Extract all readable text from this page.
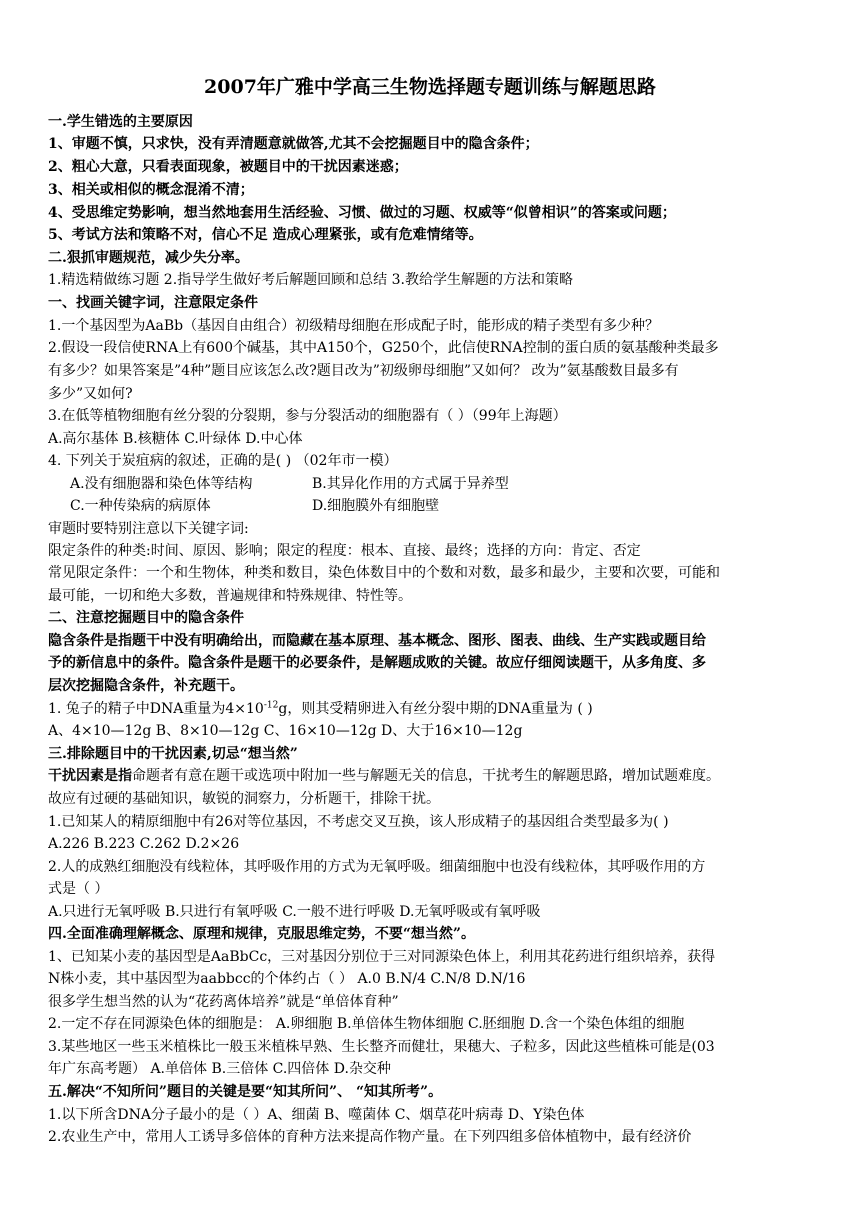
2007年广雅中学高三生物选择题专题训练与解题思路
一.学生错选的主要原因
1、审题不慎，只求快，没有弄清题意就做答,尤其不会挖掘题目中的隐含条件；
2、粗心大意，只看表面现象，被题目中的干扰因素迷惑；
3、相关或相似的概念混淆不清；
4、受思维定势影响，想当然地套用生活经验、习惯、做过的习题、权威等“似曾相识”的答案或问题；
5、考试方法和策略不对，信心不足 造成心理紧张，或有危难情绪等。
二.狠抓审题规范，减少失分率。
1.精选精做练习题 2.指导学生做好考后解题回顾和总结 3.教给学生解题的方法和策略
一、找画关键字词，注意限定条件
1.一个基因型为AaBb（基因自由组合）初级精母细胞在形成配子时，能形成的精子类型有多少种？
2.假设一段信使RNA上有600个碱基，其中A150个，G250个，此信使RNA控制的蛋白质的氨基酸种类最多
有多少？如果答案是”4种”题目应该怎么改?题目改为”初级卵母细胞”又如何？ 改为”氨基酸数目最多有
多少”又如何?
3.在低等植物细胞有丝分裂的分裂期，参与分裂活动的细胞器有（ ）（99年上海题）
A.高尔基体 B.核糖体 C.叶绿体 D.中心体
4. 下列关于炭疽病的叙述，正确的是( ) （02年市一模）
A.没有细胞器和染色体等结构	B.其异化作用的方式属于异养型
C.一种传染病的病原体	D.细胞膜外有细胞壁
审题时要特别注意以下关键字词:
限定条件的种类:时间、原因、影响；限定的程度：根本、直接、最终；选择的方向：肯定、否定
常见限定条件：一个和生物体，种类和数目，染色体数目中的个数和对数，最多和最少，主要和次要，可能和
最可能，一切和绝大多数，普遍规律和特殊规律、特性等。
二、注意挖掘题目中的隐含条件
隐含条件是指题干中没有明确给出，而隐藏在基本原理、基本概念、图形、图表、曲线、生产实践或题目给
予的新信息中的条件。隐含条件是题干的必要条件，是解题成败的关键。故应仔细阅读题干，从多角度、多
层次挖掘隐含条件，补充题干。
1. 兔子的精子中DNA重量为$4\times 10^{-12}g$，则其受精卵进入有丝分裂中期的DNA重量为 ( )
A、4×10—12g B、8×10—12g C、16×10—12g D、大于16×10—12g
三.排除题目中的干扰因素,切忌“想当然”
干扰因素是指命题者有意在题干或选项中附加一些与解题无关的信息，干扰考生的解题思路，增加试题难度。
故应有过硬的基础知识，敏锐的洞察力，分析题干，排除干扰。
1.已知某人的精原细胞中有26对等位基因，不考虑交叉互换，该人形成精子的基因组合类型最多为( )
A.226 B.223 C.262 D.2×26
2.人的成熟红细胞没有线粒体，其呼吸作用的方式为无氧呼吸。细菌细胞中也没有线粒体，其呼吸作用的方
式是（ ）
A.只进行无氧呼吸 B.只进行有氧呼吸 C.一般不进行呼吸 D.无氧呼吸或有氧呼吸
四.全面准确理解概念、原理和规律，克服思维定势，不要“想当然”。
1、已知某小麦的基因型是AaBbCc，三对基因分别位于三对同源染色体上，利用其花药进行组织培养，获得
N株小麦，其中基因型为aabbcc的个体约占（ ） A.0 B.N/4 C.N/8 D.N/16
很多学生想当然的认为“花药离体培养”就是“单倍体育种”
2.一定不存在同源染色体的细胞是： A.卵细胞 B.单倍体生物体细胞 C.胚细胞 D.含一个染色体组的细胞
3.某些地区一些玉米植株比一般玉米植株早熟、生长整齐而健壮，果穗大、子粒多，因此这些植株可能是(03
年广东高考题） A.单倍体 B.三倍体 C.四倍体 D.杂交种
五.解决“不知所问”题目的关键是要“知其所问”、 “知其所考”。
1.以下所含DNA分子最小的是（ ）A、细菌 B、噬菌体 C、烟草花叶病毒 D、Y染色体
2.农业生产中，常用人工诱导多倍体的育种方法来提高作物产量。在下列四组多倍体植物中，最有经济价
